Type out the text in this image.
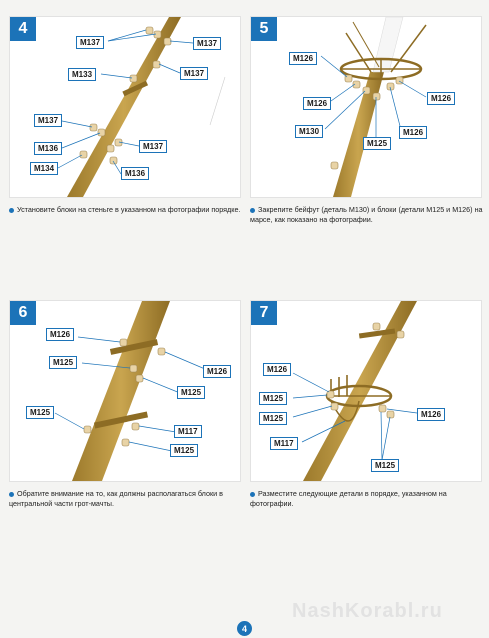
4
M137	M137
M133	M137
M137
M137
M136
M134
M136
Установите блоки на стеньге в указанном на фотографии порядке.
5
M126
M126
M126
M130	M126
M125
Закрепите бейфут (деталь M130) и блоки (детали M125 и M126) на марсе, как показано на фотографии.
6
M126
M125
M126
M125
M125
M117
M125
Обратите внимание на то, как должны располагаться блоки в центральной части грот-мачты.
7
M126
M125
M125	M126
M117
M125
Разместите следующие детали в порядке, указанном на фотографии.
NashKorabl.ru
4
